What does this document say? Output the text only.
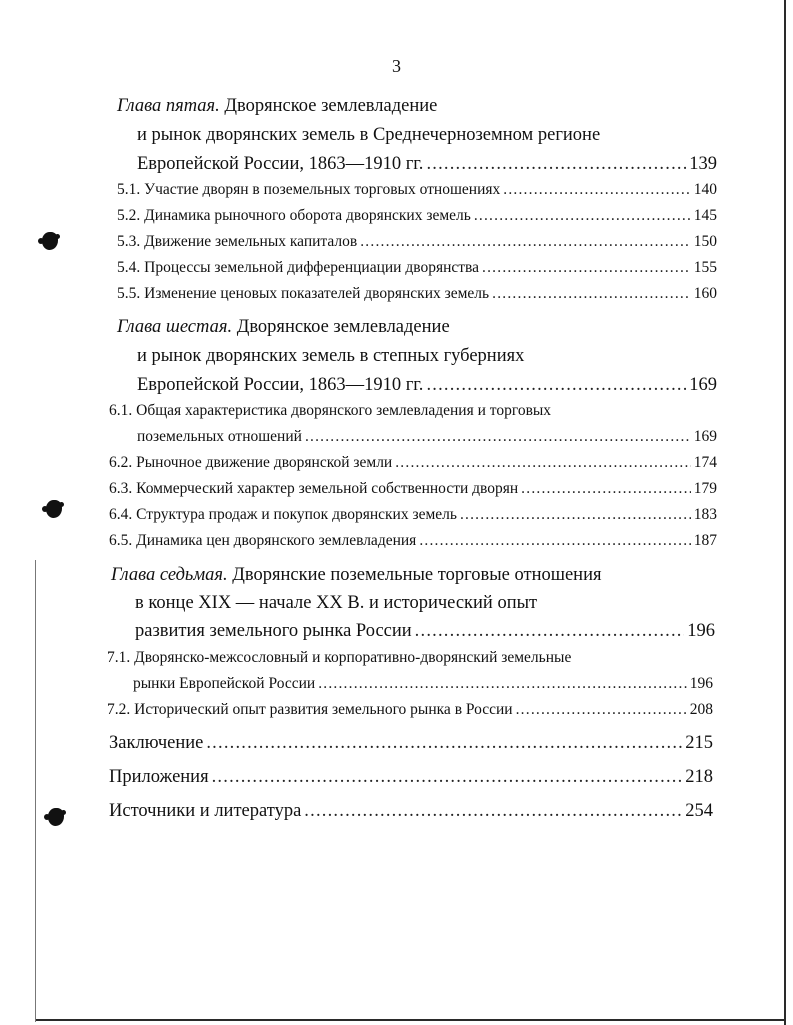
3
Глава пятая. Дворянское землевладение
и рынок дворянских земель в Среднечерноземном регионе
Европейской России, 1863—1910 гг. .....	139
5.1. Участие дворян в поземельных торговых отношениях .....	140
5.2. Динамика рыночного оборота дворянских земель .....	145
5.3. Движение земельных капиталов .....	150
5.4. Процессы земельной дифференциации дворянства .....	155
5.5. Изменение ценовых показателей дворянских земель .....	160
Глава шестая. Дворянское землевладение
и рынок дворянских земель в степных губерниях
Европейской России, 1863—1910 гг. .....	169
6.1. Общая характеристика дворянского землевладения и торговых
поземельных отношений .....	169
6.2. Рыночное движение дворянской земли .....	174
6.3. Коммерческий характер земельной собственности дворян .....	179
6.4. Структура продаж и покупок дворянских земель .....	183
6.5. Динамика цен дворянского землевладения .....	187
Глава седьмая. Дворянские поземельные торговые отношения
в конце XIX — начале XX В. и исторический опыт
развития земельного рынка России .....	196
7.1. Дворянско-межсословный и корпоративно-дворянский земельные
рынки Европейской России .....	196
7.2. Исторический опыт развития земельного рынка в России .....	208
Заключение .....	215
Приложения .....	218
Источники и литература .....	254
